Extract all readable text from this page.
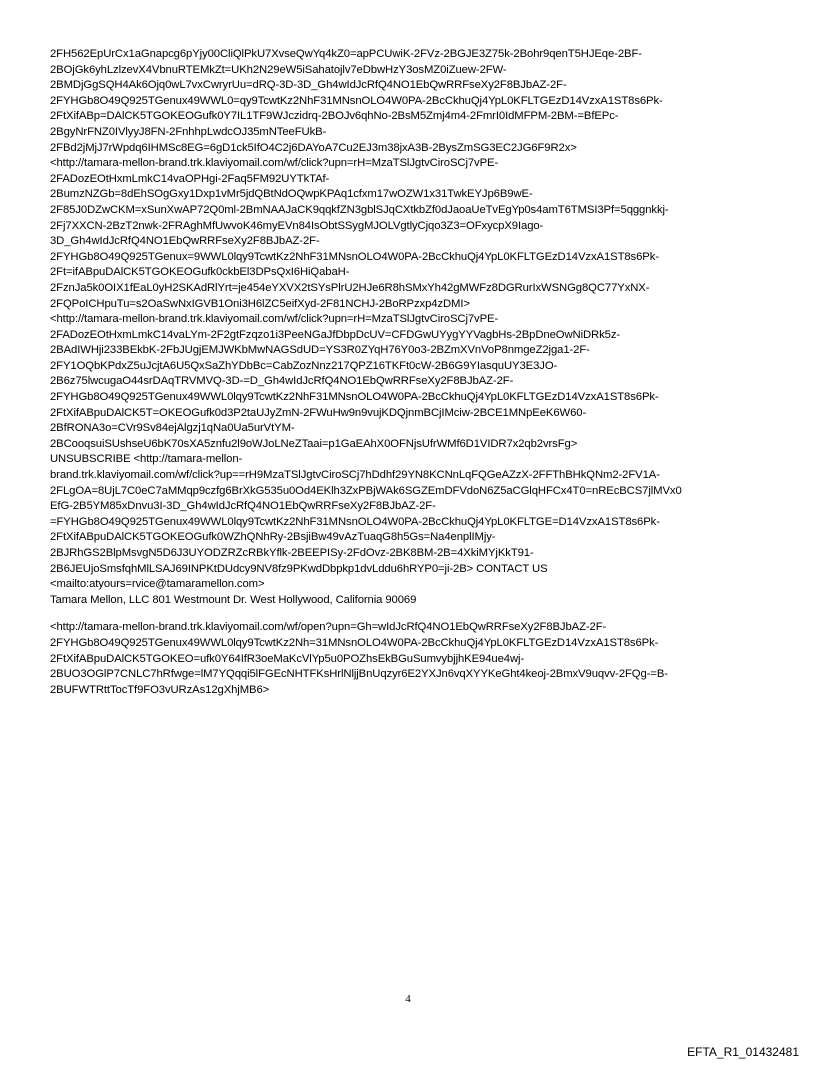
2FH562EpUrCx1aGnapcg6pYjy00CliQlPkU7XvseQwYq4kZ0=apPCUwiK-2FVz-2BGJE3Z75k-2Bohr9qenT5HJEqe-2BF-
2BOjGk6yhLzlzevX4VbnuRTEMkZt=UKh2N29eW5iSahatojlv7eDbwHzY3osMZ0iZuew-2FW-
2BMDjGgSQH4Ak6Ojq0wL7vxCwryrUu=dRQ-3D-3D_Gh4wIdJcRfQ4NO1EbQwRRFseXy2F8BJbAZ-2F-
2FYHGb8O49Q925TGenux49WWL0=qy9TcwtKz2NhF31MNsnOLO4W0PA-2BcCkhuQj4YpL0KFLTGEzD14VzxA1ST8s6Pk-
2FtXifABp=DAlCK5TGOKEOGufk0Y7IL1TF9WJczidrq-2BOJv6qhNo-2BsM5Zmj4m4-2FmrI0IdMFPM-2BM-=BfEPc-
2BgyNrFNZ0IVlyyJ8FN-2FnhhpLwdcOJ35mNTeeFUkB-
2FBd2jMjJ7rWpdq6IHMSc8EG=6gD1ck5IfO4C2j6DAYoA7Cu2EJ3m38jxA3B-2BysZmSG3EC2JG6F9R2x>
<http://tamara-mellon-brand.trk.klaviyomail.com/wf/click?upn=rH=MzaTSlJgtvCiroSCj7vPE-
2FADozEOtHxmLmkC14vaOPHgi-2Faq5FM92UYTkTAf-
2BumzNZGb=8dEhSOgGxy1Dxp1vMr5jdQBtNdOQwpKPAq1cfxm17wOZW1x31TwkEYJp6B9wE-
2F85J0DZwCKM=xSunXwAP72Q0ml-2BmNAAJaCK9qqkfZN3gblSJqCXtkbZf0dJaoaUeTvEgYp0s4amT6TMSI3Pf=5qggnkkj-
2Fj7XXCN-2BzT2nwk-2FRAghMfUwvoK46myEVn84IsObtSSygMJOLVgtlyCjqo3Z3=OFxycpX9Iago-
3D_Gh4wIdJcRfQ4NO1EbQwRRFseXy2F8BJbAZ-2F-
2FYHGb8O49Q925TGenux=9WWL0lqy9TcwtKz2NhF31MNsnOLO4W0PA-2BcCkhuQj4YpL0KFLTGEzD14VzxA1ST8s6Pk-
2Ft=ifABpuDAlCK5TGOKEOGufk0ckbEl3DPsQxI6HiQabaH-
2FznJa5k0OIX1fEaL0yH2SKAdRlYrt=je454eYXVX2tSYsPlrU2HJe6R8hSMxYh42gMWFz8DGRurIxWSNGg8QC77YxNX-
2FQPoICHpuTu=s2OaSwNxIGVB1Oni3H6lZC5eifXyd-2F81NCHJ-2BoRPzxp4zDMI>
<http://tamara-mellon-brand.trk.klaviyomail.com/wf/click?upn=rH=MzaTSlJgtvCiroSCj7vPE-
2FADozEOtHxmLmkC14vaLYm-2F2gtFzqzo1i3PeeNGaJfDbpDcUV=CFDGwUYygYYVagbHs-2BpDneOwNiDRk5z-
2BAdIWHji233BEkbK-2FbJUgjEMJWKbMwNAGSdUD=YS3R0ZYqH76Y0o3-2BZmXVnVoP8nmgeZ2jga1-2F-
2FY1OQbKPdxZ5uJcjtA6U5QxSaZhYDbBc=CabZozNnz217QPZ16TKFt0cW-2B6G9YIasquUY3E3JO-
2B6z75lwcugaO44srDAqTRVMVQ-3D-=D_Gh4wIdJcRfQ4NO1EbQwRRFseXy2F8BJbAZ-2F-
2FYHGb8O49Q925TGenux49WWL0lqy9TcwtKz2NhF31MNsnOLO4W0PA-2BcCkhuQj4YpL0KFLTGEzD14VzxA1ST8s6Pk-
2FtXifABpuDAlCK5T=OKEOGufk0d3P2taUJyZmN-2FWuHw9n9vujKDQjnmBCjIMciw-2BCE1MNpEeK6W60-
2BfRONA3o=CVr9Sv84ejAlgzj1qNa0Ua5urVtYM-
2BCooqsuiSUshseU6bK70sXA5znfu2l9oWJoLNeZTaai=p1GaEAhX0OFNjsUfrWMf6D1VIDR7x2qb2vrsFg>
UNSUBSCRIBE <http://tamara-mellon-
brand.trk.klaviyomail.com/wf/click?up==rH9MzaTSlJgtvCiroSCj7hDdhf29YN8KCNnLqFQGeAZzX-2FFThBHkQNm2-2FV1A-
2FLgOA=8UjL7C0eC7aMMqp9czfg6BrXkG535u0Od4EKlh3ZxPBjWAk6SGZEmDFVdoN6Z5aCGlqHFCx4T0=nREcBCS7jlMVx0
EfG-2B5YM85xDnvu3I-3D_Gh4wIdJcRfQ4NO1EbQwRRFseXy2F8BJbAZ-2F-
=FYHGb8O49Q925TGenux49WWL0lqy9TcwtKz2NhF31MNsnOLO4W0PA-2BcCkhuQj4YpL0KFLTGE=D14VzxA1ST8s6Pk-
2FtXifABpuDAlCK5TGOKEOGufk0WZhQNhRy-2BsjiBw49vAzTuaqG8h5Gs=Na4enplIMjy-
2BJRhGS2BlpMsvgN5D6J3UYODZRZcRBkYflk-2BEEPISy-2FdOvz-2BK8BM-2B=4XkiMYjKkT91-
2B6JEUjoSmsfqhMlLSAJ69INPKtDUdcy9NV8fz9PKwdDbpkp1dvLddu6hRYP0=ji-2B> CONTACT US
<mailto:atyours=rvice@tamaramellon.com>
Tamara Mellon, LLC 801 Westmount Dr. West Hollywood, California 90069
<http://tamara-mellon-brand.trk.klaviyomail.com/wf/open?upn=Gh=wIdJcRfQ4NO1EbQwRRFseXy2F8BJbAZ-2F-
2FYHGb8O49Q925TGenux49WWL0lqy9TcwtKz2Nh=31MNsnOLO4W0PA-2BcCkhuQj4YpL0KFLTGEzD14VzxA1ST8s6Pk-
2FtXifABpuDAlCK5TGOKEO=ufk0Y64IfR3oeMaKcVlYp5u0POZhsEkBGuSumvybjjhKE94ue4wj-
2BUO3OGlP7CNLC7hRfwge=lM7YQqqi5lFGEcNHTFKsHrlNljjBnUqzyr6E2YXJn6vqXYYKeGht4keoj-2BmxV9uqvv-2FQg-=B-
2BUFWTRttTocTf9FO3vURzAs12gXhjMB6>
4
EFTA_R1_01432481
